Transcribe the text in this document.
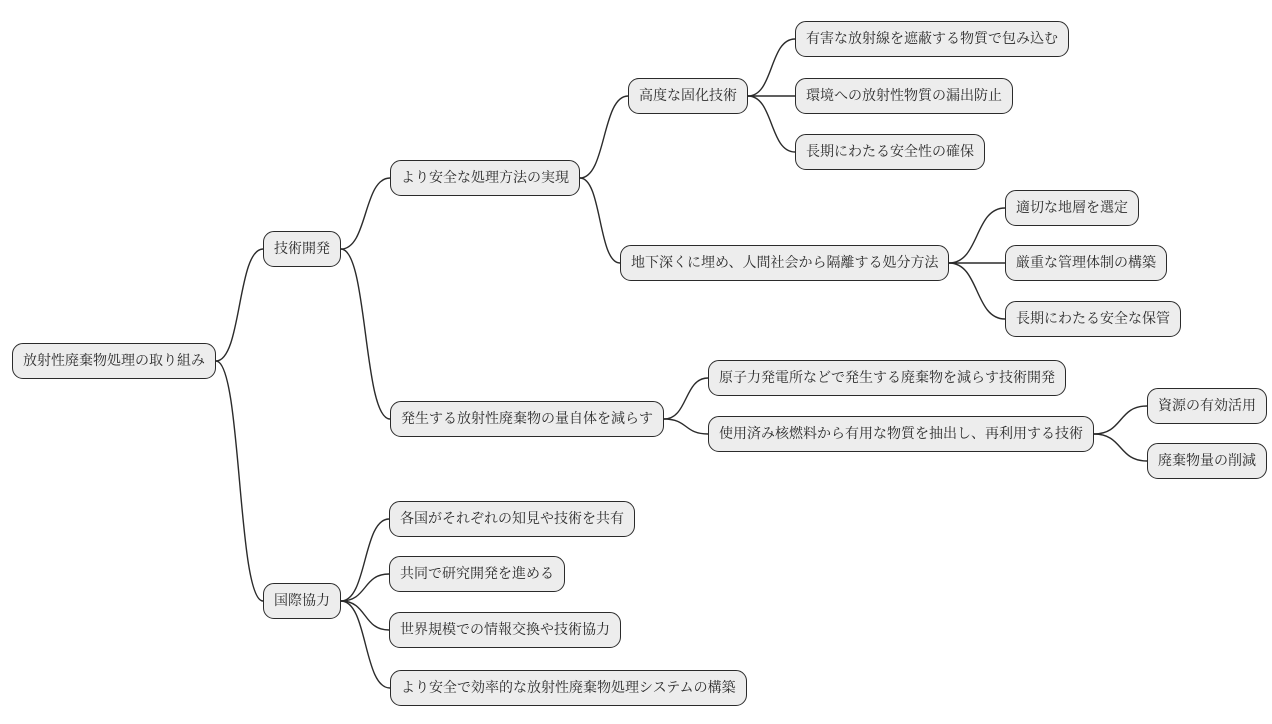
放射性廃棄物処理の取り組み
技術開発
より安全な処理方法の実現
高度な固化技術
有害な放射線を遮蔽する物質で包み込む
環境への放射性物質の漏出防止
長期にわたる安全性の確保
地下深くに埋め、人間社会から隔離する処分方法
適切な地層を選定
厳重な管理体制の構築
長期にわたる安全な保管
発生する放射性廃棄物の量自体を減らす
原子力発電所などで発生する廃棄物を減らす技術開発
使用済み核燃料から有用な物質を抽出し、再利用する技術
資源の有効活用
廃棄物量の削減
国際協力
各国がそれぞれの知見や技術を共有
共同で研究開発を進める
世界規模での情報交換や技術協力
より安全で効率的な放射性廃棄物処理システムの構築
